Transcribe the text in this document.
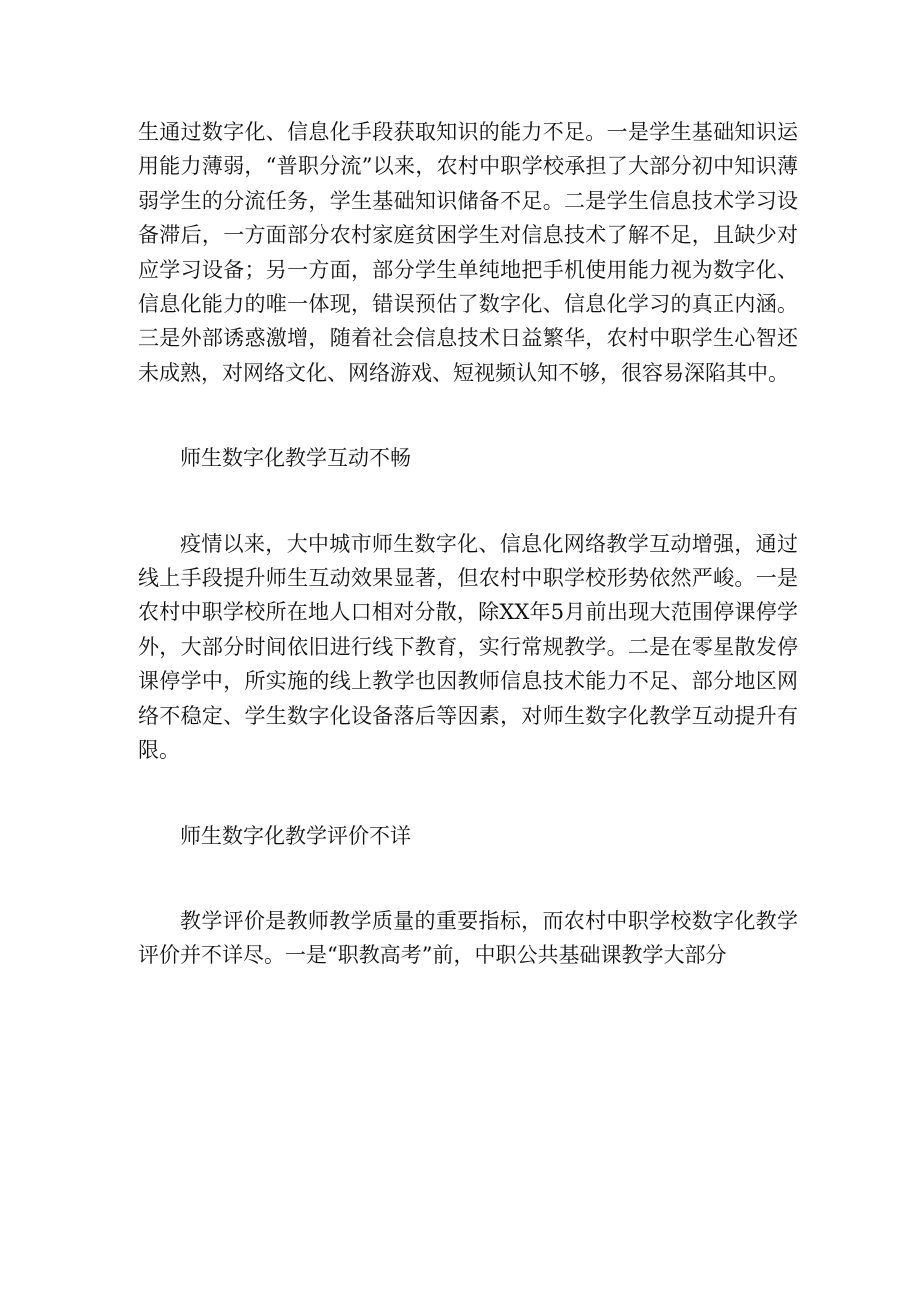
生通过数字化、信息化手段获取知识的能力不足。一是学生基础知识运用能力薄弱，“普职分流”以来，农村中职学校承担了大部分初中知识薄弱学生的分流任务，学生基础知识储备不足。二是学生信息技术学习设备滞后，一方面部分农村家庭贫困学生对信息技术了解不足，且缺少对应学习设备；另一方面，部分学生单纯地把手机使用能力视为数字化、信息化能力的唯一体现，错误预估了数字化、信息化学习的真正内涵。三是外部诱惑激增，随着社会信息技术日益繁华，农村中职学生心智还未成熟，对网络文化、网络游戏、短视频认知不够，很容易深陷其中。

师生数字化教学互动不畅

疫情以来，大中城市师生数字化、信息化网络教学互动增强，通过线上手段提升师生互动效果显著，但农村中职学校形势依然严峻。一是农村中职学校所在地人口相对分散，除XX年5月前出现大范围停课停学外，大部分时间依旧进行线下教育，实行常规教学。二是在零星散发停课停学中，所实施的线上教学也因教师信息技术能力不足、部分地区网络不稳定、学生数字化设备落后等因素，对师生数字化教学互动提升有限。

师生数字化教学评价不详

教学评价是教师教学质量的重要指标，而农村中职学校数字化教学评价并不详尽。一是“职教高考”前，中职公共基础课教学大部分
